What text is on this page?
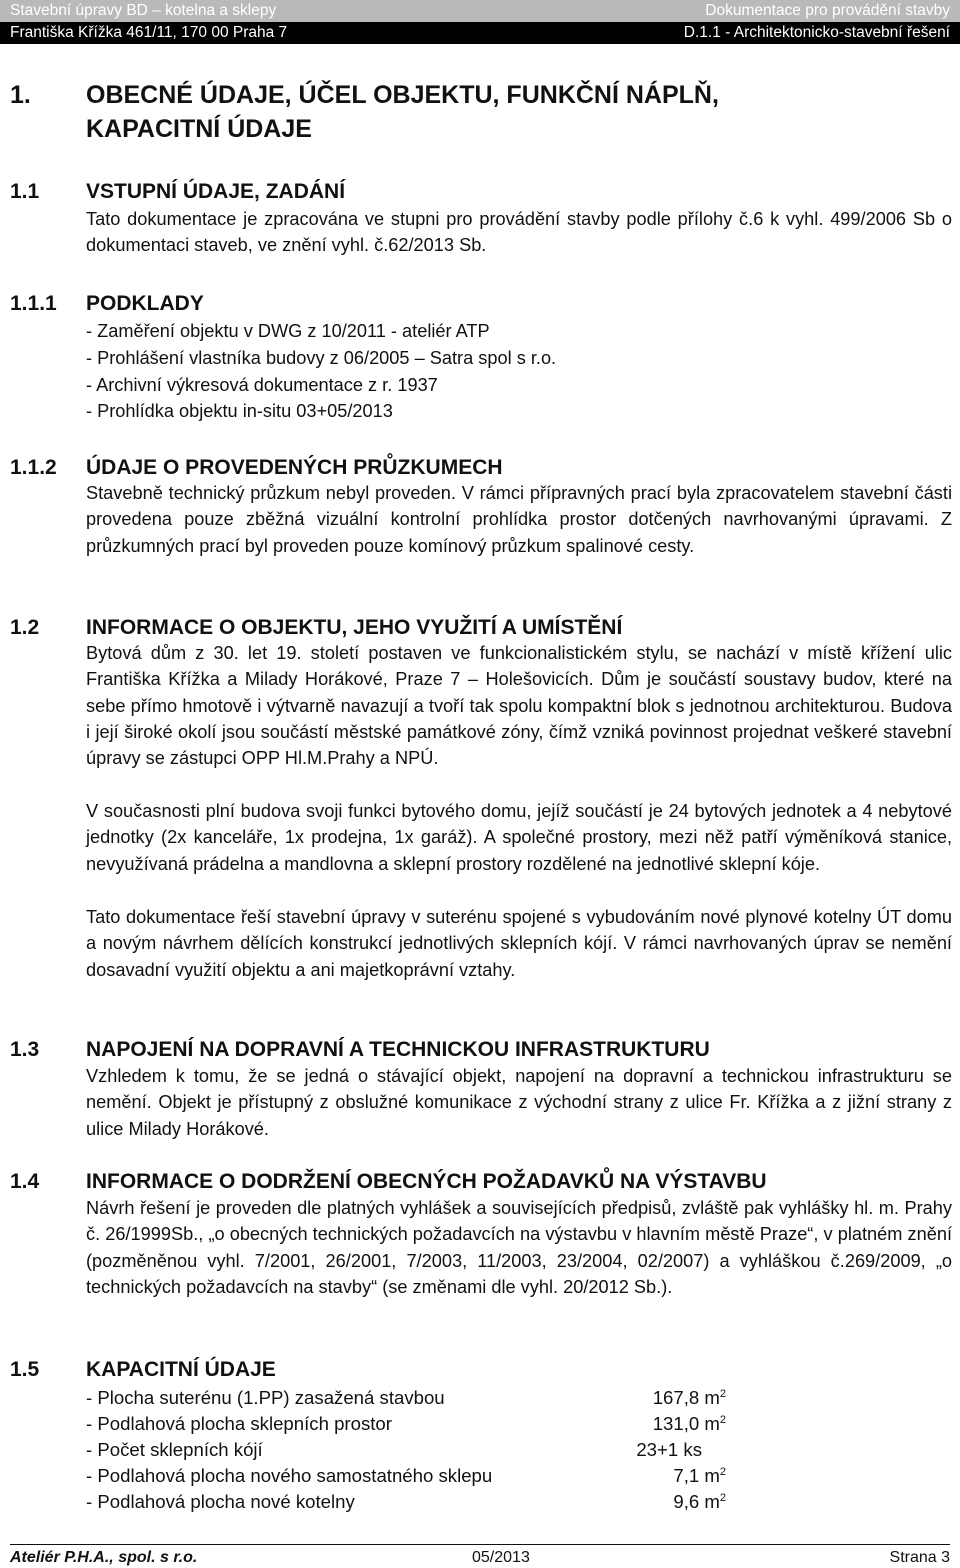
Stavební úpravy BD – kotelna a sklepy	Dokumentace pro provádění stavby
Františka Křížka 461/11, 170 00 Praha 7	D.1.1 - Architektonicko-stavební řešení
1. OBECNÉ ÚDAJE, ÚČEL OBJEKTU, FUNKČNÍ NÁPLŇ,
KAPACITNÍ ÚDAJE
1.1 VSTUPNÍ ÚDAJE, ZADÁNÍ
Tato dokumentace je zpracována ve stupni pro provádění stavby podle přílohy č.6 k vyhl. 499/2006 Sb o dokumentaci staveb, ve znění vyhl. č.62/2013 Sb.
1.1.1 PODKLADY
- Zaměření objektu v DWG z 10/2011 - ateliér ATP
- Prohlášení vlastníka budovy z 06/2005 – Satra spol s r.o.
- Archivní výkresová dokumentace z r. 1937
- Prohlídka objektu in-situ 03+05/2013
1.1.2 ÚDAJE O PROVEDENÝCH PRŮZKUMECH
Stavebně technický průzkum nebyl proveden. V rámci přípravných prací byla zpracovatelem stavební části provedena pouze zběžná vizuální kontrolní prohlídka prostor dotčených navrhovanými úpravami. Z průzkumných prací byl proveden pouze komínový průzkum spalinové cesty.
1.2 INFORMACE O OBJEKTU, JEHO VYUŽITÍ A UMÍSTĚNÍ
Bytová dům z 30. let 19. století postaven ve funkcionalistickém stylu, se nachází v místě křížení ulic Františka Křížka a Milady Horákové, Praze 7 – Holešovicích. Dům je součástí soustavy budov, které na sebe přímo hmotově i výtvarně navazují a tvoří tak spolu kompaktní blok s jednotnou architekturou. Budova i její široké okolí jsou součástí městské památkové zóny, čímž vzniká povinnost projednat veškeré stavební úpravy se zástupci OPP Hl.M.Prahy a NPÚ.
V současnosti plní budova svoji funkci bytového domu, jejíž součástí je 24 bytových jednotek a 4 nebytové jednotky (2x kanceláře, 1x prodejna, 1x garáž). A společné prostory, mezi něž patří výměníková stanice, nevyužívaná prádelna a mandlovna a sklepní prostory rozdělené na jednotlivé sklepní kóje.
Tato dokumentace řeší stavební úpravy v suterénu spojené s vybudováním nové plynové kotelny ÚT domu a novým návrhem dělících konstrukcí jednotlivých sklepních kójí. V rámci navrhovaných úprav se nemění dosavadní využití objektu a ani majetkoprávní vztahy.
1.3 NAPOJENÍ NA DOPRAVNÍ A TECHNICKOU INFRASTRUKTURU
Vzhledem k tomu, že se jedná o stávající objekt, napojení na dopravní a technickou infrastrukturu se nemění. Objekt je přístupný z obslužné komunikace z východní strany z ulice Fr. Křížka a z jižní strany z ulice Milady Horákové.
1.4 INFORMACE O DODRŽENÍ OBECNÝCH POŽADAVKŮ NA VÝSTAVBU
Návrh řešení je proveden dle platných vyhlášek a souvisejících předpisů, zvláště pak vyhlášky hl. m. Prahy č. 26/1999Sb., „o obecných technických požadavcích na výstavbu v hlavním městě Praze“, v platném znění (pozměněnou vyhl. 7/2001, 26/2001, 7/2003, 11/2003, 23/2004, 02/2007) a vyhláškou č.269/2009, „o technických požadavcích na stavby“ (se změnami dle vyhl. 20/2012 Sb.).
1.5 KAPACITNÍ ÚDAJE
- Plocha suterénu (1.PP) zasažená stavbou	167,8 $m^2$
- Podlahová plocha sklepních prostor	131,0 $m^2$
- Počet sklepních kójí	23+1 ks
- Podlahová plocha nového samostatného sklepu	7,1 $m^2$
- Podlahová plocha nové kotelny	9,6 $m^2$
Ateliér P.H.A., spol. s r.o.	05/2013	Strana 3
